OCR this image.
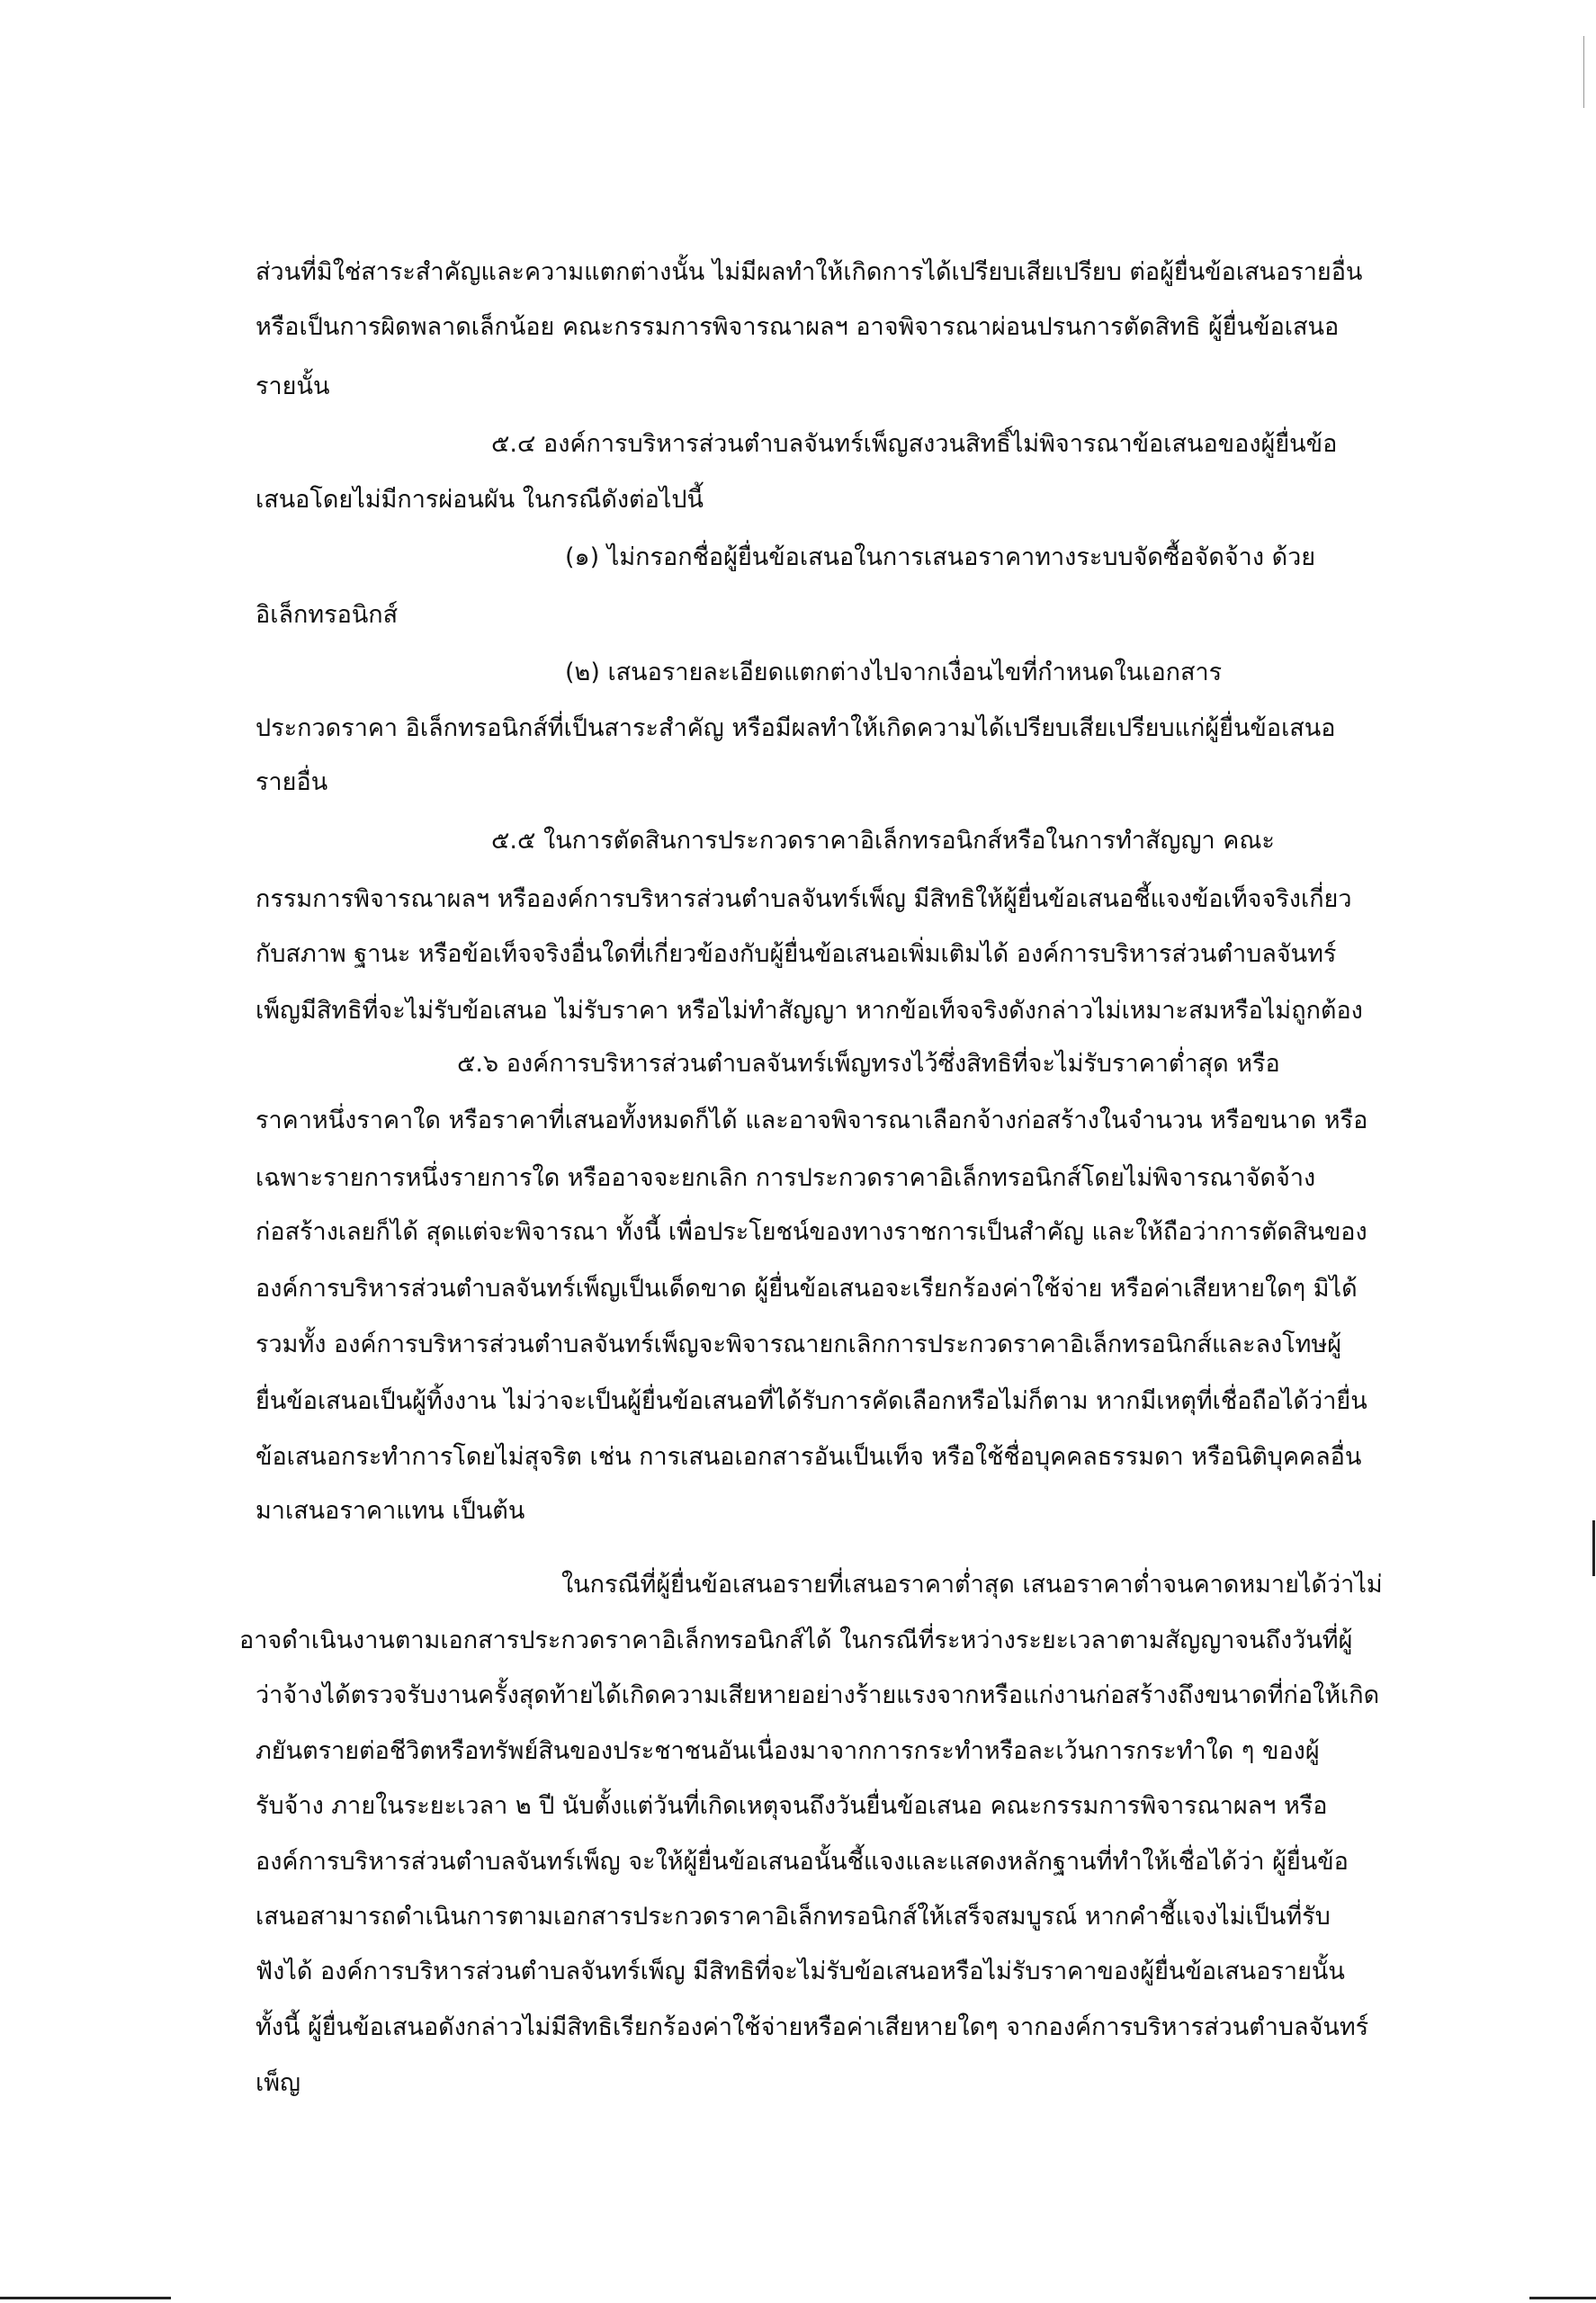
ส่วนที่มิใช่สาระสำคัญและความแตกต่างนั้น ไม่มีผลทำให้เกิดการได้เปรียบเสียเปรียบ ต่อผู้ยื่นข้อเสนอรายอื่น
หรือเป็นการผิดพลาดเล็กน้อย คณะกรรมการพิจารณาผลฯ อาจพิจารณาผ่อนปรนการตัดสิทธิ ผู้ยื่นข้อเสนอ
รายนั้น
๕.๔ องค์การบริหารส่วนตำบลจันทร์เพ็ญสงวนสิทธิ์ไม่พิจารณาข้อเสนอของผู้ยื่นข้อ
เสนอโดยไม่มีการผ่อนผัน ในกรณีดังต่อไปนี้
(๑) ไม่กรอกชื่อผู้ยื่นข้อเสนอในการเสนอราคาทางระบบจัดซื้อจัดจ้าง ด้วย
อิเล็กทรอนิกส์
(๒) เสนอรายละเอียดแตกต่างไปจากเงื่อนไขที่กำหนดในเอกสาร
ประกวดราคา อิเล็กทรอนิกส์ที่เป็นสาระสำคัญ หรือมีผลทำให้เกิดความได้เปรียบเสียเปรียบแก่ผู้ยื่นข้อเสนอ
รายอื่น
๕.๕ ในการตัดสินการประกวดราคาอิเล็กทรอนิกส์หรือในการทำสัญญา คณะ
กรรมการพิจารณาผลฯ หรือองค์การบริหารส่วนตำบลจันทร์เพ็ญ มีสิทธิให้ผู้ยื่นข้อเสนอชี้แจงข้อเท็จจริงเกี่ยว
กับสภาพ ฐานะ หรือข้อเท็จจริงอื่นใดที่เกี่ยวข้องกับผู้ยื่นข้อเสนอเพิ่มเติมได้ องค์การบริหารส่วนตำบลจันทร์
เพ็ญมีสิทธิที่จะไม่รับข้อเสนอ ไม่รับราคา หรือไม่ทำสัญญา หากข้อเท็จจริงดังกล่าวไม่เหมาะสมหรือไม่ถูกต้อง
๕.๖ องค์การบริหารส่วนตำบลจันทร์เพ็ญทรงไว้ซึ่งสิทธิที่จะไม่รับราคาต่ำสุด หรือ
ราคาหนึ่งราคาใด หรือราคาที่เสนอทั้งหมดก็ได้ และอาจพิจารณาเลือกจ้างก่อสร้างในจำนวน หรือขนาด หรือ
เฉพาะรายการหนึ่งรายการใด หรืออาจจะยกเลิก การประกวดราคาอิเล็กทรอนิกส์โดยไม่พิจารณาจัดจ้าง
ก่อสร้างเลยก็ได้ สุดแต่จะพิจารณา ทั้งนี้ เพื่อประโยชน์ของทางราชการเป็นสำคัญ และให้ถือว่าการตัดสินของ
องค์การบริหารส่วนตำบลจันทร์เพ็ญเป็นเด็ดขาด ผู้ยื่นข้อเสนอจะเรียกร้องค่าใช้จ่าย หรือค่าเสียหายใดๆ มิได้
รวมทั้ง องค์การบริหารส่วนตำบลจันทร์เพ็ญจะพิจารณายกเลิกการประกวดราคาอิเล็กทรอนิกส์และลงโทษผู้
ยื่นข้อเสนอเป็นผู้ทิ้งงาน ไม่ว่าจะเป็นผู้ยื่นข้อเสนอที่ได้รับการคัดเลือกหรือไม่ก็ตาม หากมีเหตุที่เชื่อถือได้ว่ายื่น
ข้อเสนอกระทำการโดยไม่สุจริต เช่น การเสนอเอกสารอันเป็นเท็จ หรือใช้ชื่อบุคคลธรรมดา หรือนิติบุคคลอื่น
มาเสนอราคาแทน เป็นต้น
ในกรณีที่ผู้ยื่นข้อเสนอรายที่เสนอราคาต่ำสุด เสนอราคาต่ำจนคาดหมายได้ว่าไม่
อาจดำเนินงานตามเอกสารประกวดราคาอิเล็กทรอนิกส์ได้ ในกรณีที่ระหว่างระยะเวลาตามสัญญาจนถึงวันที่ผู้
ว่าจ้างได้ตรวจรับงานครั้งสุดท้ายได้เกิดความเสียหายอย่างร้ายแรงจากหรือแก่งานก่อสร้างถึงขนาดที่ก่อให้เกิด
ภยันตรายต่อชีวิตหรือทรัพย์สินของประชาชนอันเนื่องมาจากการกระทำหรือละเว้นการกระทำใด ๆ ของผู้
รับจ้าง ภายในระยะเวลา ๒ ปี นับตั้งแต่วันที่เกิดเหตุจนถึงวันยื่นข้อเสนอ คณะกรรมการพิจารณาผลฯ หรือ
องค์การบริหารส่วนตำบลจันทร์เพ็ญ จะให้ผู้ยื่นข้อเสนอนั้นชี้แจงและแสดงหลักฐานที่ทำให้เชื่อได้ว่า ผู้ยื่นข้อ
เสนอสามารถดำเนินการตามเอกสารประกวดราคาอิเล็กทรอนิกส์ให้เสร็จสมบูรณ์ หากคำชี้แจงไม่เป็นที่รับ
ฟังได้ องค์การบริหารส่วนตำบลจันทร์เพ็ญ มีสิทธิที่จะไม่รับข้อเสนอหรือไม่รับราคาของผู้ยื่นข้อเสนอรายนั้น
ทั้งนี้ ผู้ยื่นข้อเสนอดังกล่าวไม่มีสิทธิเรียกร้องค่าใช้จ่ายหรือค่าเสียหายใดๆ จากองค์การบริหารส่วนตำบลจันทร์
เพ็ญ
